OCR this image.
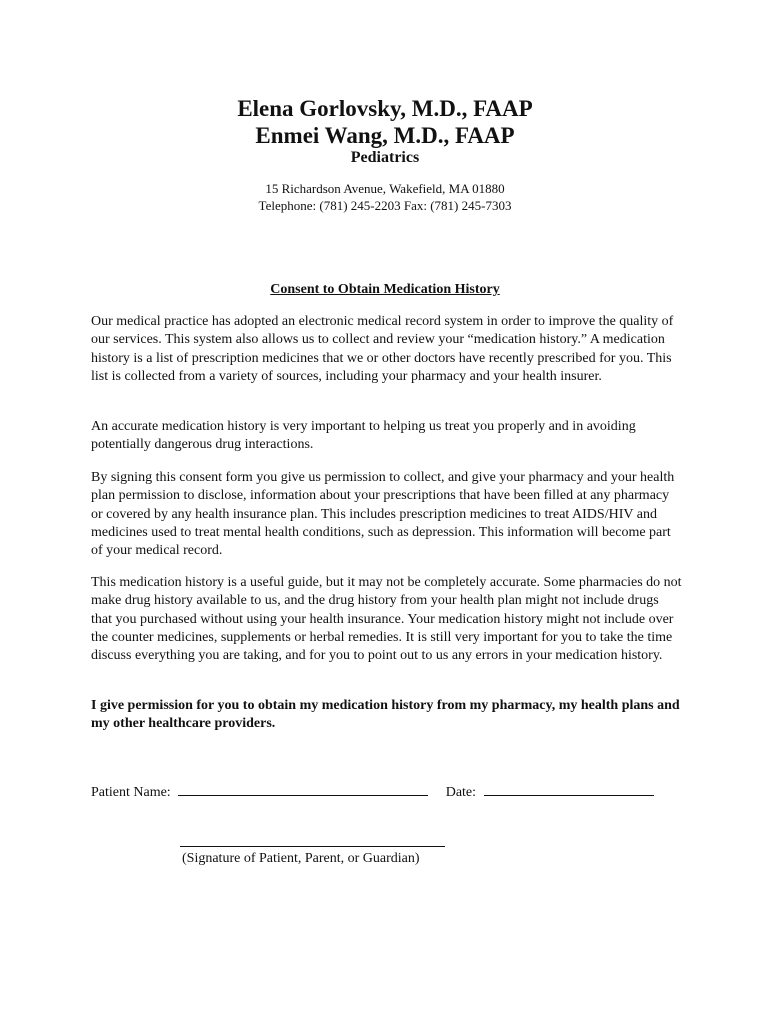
Elena Gorlovsky, M.D., FAAP
Enmei Wang, M.D., FAAP
Pediatrics
15 Richardson Avenue, Wakefield, MA 01880
Telephone: (781) 245-2203 Fax: (781) 245-7303
Consent to Obtain Medication History

Our medical practice has adopted an electronic medical record system in order to improve the quality of our services. This system also allows us to collect and review your “medication history.” A medication history is a list of prescription medicines that we or other doctors have recently prescribed for you. This list is collected from a variety of sources, including your pharmacy and your health insurer.

An accurate medication history is very important to helping us treat you properly and in avoiding potentially dangerous drug interactions.

By signing this consent form you give us permission to collect, and give your pharmacy and your health plan permission to disclose, information about your prescriptions that have been filled at any pharmacy or covered by any health insurance plan. This includes prescription medicines to treat AIDS/HIV and medicines used to treat mental health conditions, such as depression. This information will become part of your medical record.

This medication history is a useful guide, but it may not be completely accurate. Some pharmacies do not make drug history available to us, and the drug history from your health plan might not include drugs that you purchased without using your health insurance. Your medication history might not include over the counter medicines, supplements or herbal remedies. It is still very important for you to take the time discuss everything you are taking, and for you to point out to us any errors in your medication history.

I give permission for you to obtain my medication history from my pharmacy, my health plans and my other healthcare providers.

Patient Name:	Date:
(Signature of Patient, Parent, or Guardian)
